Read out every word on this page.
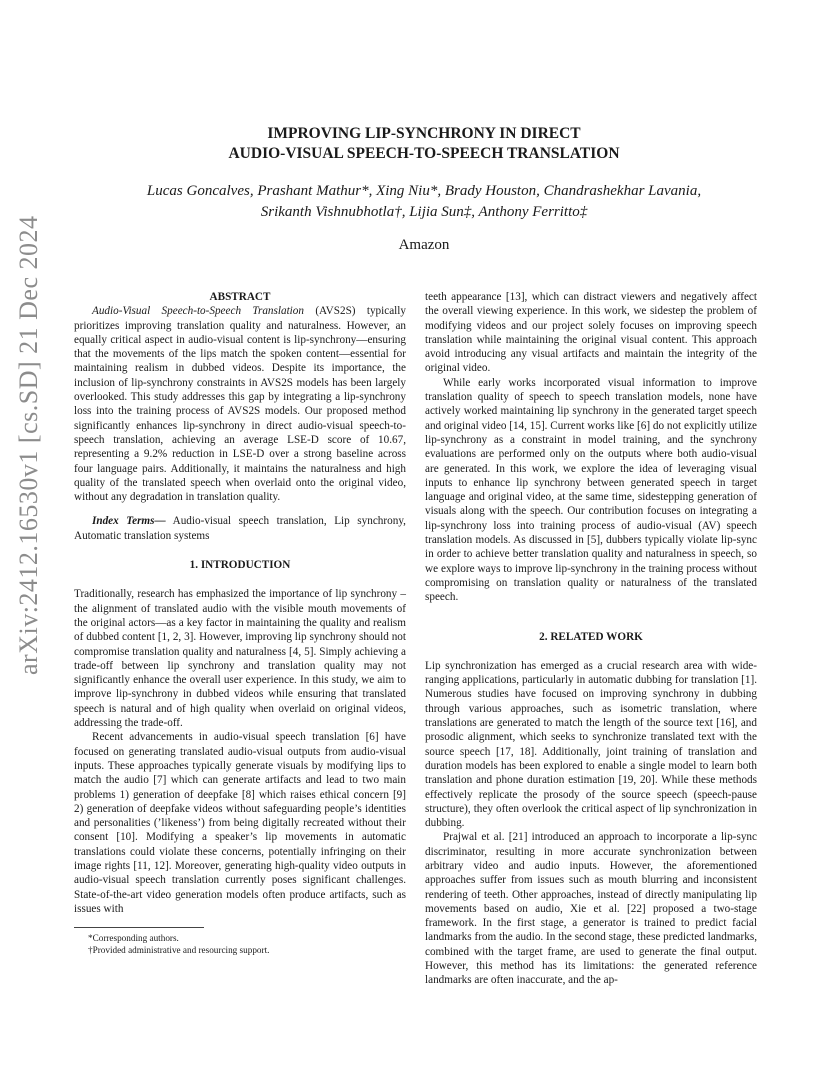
arXiv:2412.16530v1 [cs.SD] 21 Dec 2024
IMPROVING LIP-SYNCHRONY IN DIRECT
AUDIO-VISUAL SPEECH-TO-SPEECH TRANSLATION
Lucas Goncalves, Prashant Mathur*, Xing Niu*, Brady Houston, Chandrashekhar Lavania,
Srikanth Vishnubhotla†, Lijia Sun‡, Anthony Ferritto‡
Amazon

ABSTRACT

Audio-Visual Speech-to-Speech Translation (AVS2S) typically prioritizes improving translation quality and naturalness. However, an equally critical aspect in audio-visual content is lip-synchrony—ensuring that the movements of the lips match the spoken content—essential for maintaining realism in dubbed videos. Despite its importance, the inclusion of lip-synchrony constraints in AVS2S models has been largely overlooked. This study addresses this gap by integrating a lip-synchrony loss into the training process of AVS2S models. Our proposed method significantly enhances lip-synchrony in direct audio-visual speech-to-speech translation, achieving an average LSE-D score of 10.67, representing a 9.2% reduction in LSE-D over a strong baseline across four language pairs. Additionally, it maintains the naturalness and high quality of the translated speech when overlaid onto the original video, without any degradation in translation quality.

Index Terms— Audio-visual speech translation, Lip synchrony, Automatic translation systems

1. INTRODUCTION

Traditionally, research has emphasized the importance of lip synchrony – the alignment of translated audio with the visible mouth movements of the original actors—as a key factor in maintaining the quality and realism of dubbed content [1, 2, 3]. However, improving lip synchrony should not compromise translation quality and naturalness [4, 5]. Simply achieving a trade-off between lip synchrony and translation quality may not significantly enhance the overall user experience. In this study, we aim to improve lip-synchrony in dubbed videos while ensuring that translated speech is natural and of high quality when overlaid on original videos, addressing the trade-off.

Recent advancements in audio-visual speech translation [6] have focused on generating translated audio-visual outputs from audio-visual inputs. These approaches typically generate visuals by modifying lips to match the audio [7] which can generate artifacts and lead to two main problems 1) generation of deepfake [8] which raises ethical concern [9] 2) generation of deepfake videos without safeguarding people’s identities and personalities (’likeness’) from being digitally recreated without their consent [10]. Modifying a speaker’s lip movements in automatic translations could violate these concerns, potentially infringing on their image rights [11, 12]. Moreover, generating high-quality video outputs in audio-visual speech translation currently poses significant challenges. State-of-the-art video generation models often produce artifacts, such as issues with

*Corresponding authors.

†Provided administrative and resourcing support.

teeth appearance [13], which can distract viewers and negatively affect the overall viewing experience. In this work, we sidestep the problem of modifying videos and our project solely focuses on improving speech translation while maintaining the original visual content. This approach avoid introducing any visual artifacts and maintain the integrity of the original video.

While early works incorporated visual information to improve translation quality of speech to speech translation models, none have actively worked maintaining lip synchrony in the generated target speech and original video [14, 15]. Current works like [6] do not explicitly utilize lip-synchrony as a constraint in model training, and the synchrony evaluations are performed only on the outputs where both audio-visual are generated. In this work, we explore the idea of leveraging visual inputs to enhance lip synchrony between generated speech in target language and original video, at the same time, sidestepping generation of visuals along with the speech. Our contribution focuses on integrating a lip-synchrony loss into training process of audio-visual (AV) speech translation models. As discussed in [5], dubbers typically violate lip-sync in order to achieve better translation quality and naturalness in speech, so we explore ways to improve lip-synchrony in the training process without compromising on translation quality or naturalness of the translated speech.

2. RELATED WORK

Lip synchronization has emerged as a crucial research area with wide-ranging applications, particularly in automatic dubbing for translation [1]. Numerous studies have focused on improving synchrony in dubbing through various approaches, such as isometric translation, where translations are generated to match the length of the source text [16], and prosodic alignment, which seeks to synchronize translated text with the source speech [17, 18]. Additionally, joint training of translation and duration models has been explored to enable a single model to learn both translation and phone duration estimation [19, 20]. While these methods effectively replicate the prosody of the source speech (speech-pause structure), they often overlook the critical aspect of lip synchronization in dubbing.

Prajwal et al. [21] introduced an approach to incorporate a lip-sync discriminator, resulting in more accurate synchronization between arbitrary video and audio inputs. However, the aforementioned approaches suffer from issues such as mouth blurring and inconsistent rendering of teeth. Other approaches, instead of directly manipulating lip movements based on audio, Xie et al. [22] proposed a two-stage framework. In the first stage, a generator is trained to predict facial landmarks from the audio. In the second stage, these predicted landmarks, combined with the target frame, are used to generate the final output. However, this method has its limitations: the generated reference landmarks are often inaccurate, and the ap-
